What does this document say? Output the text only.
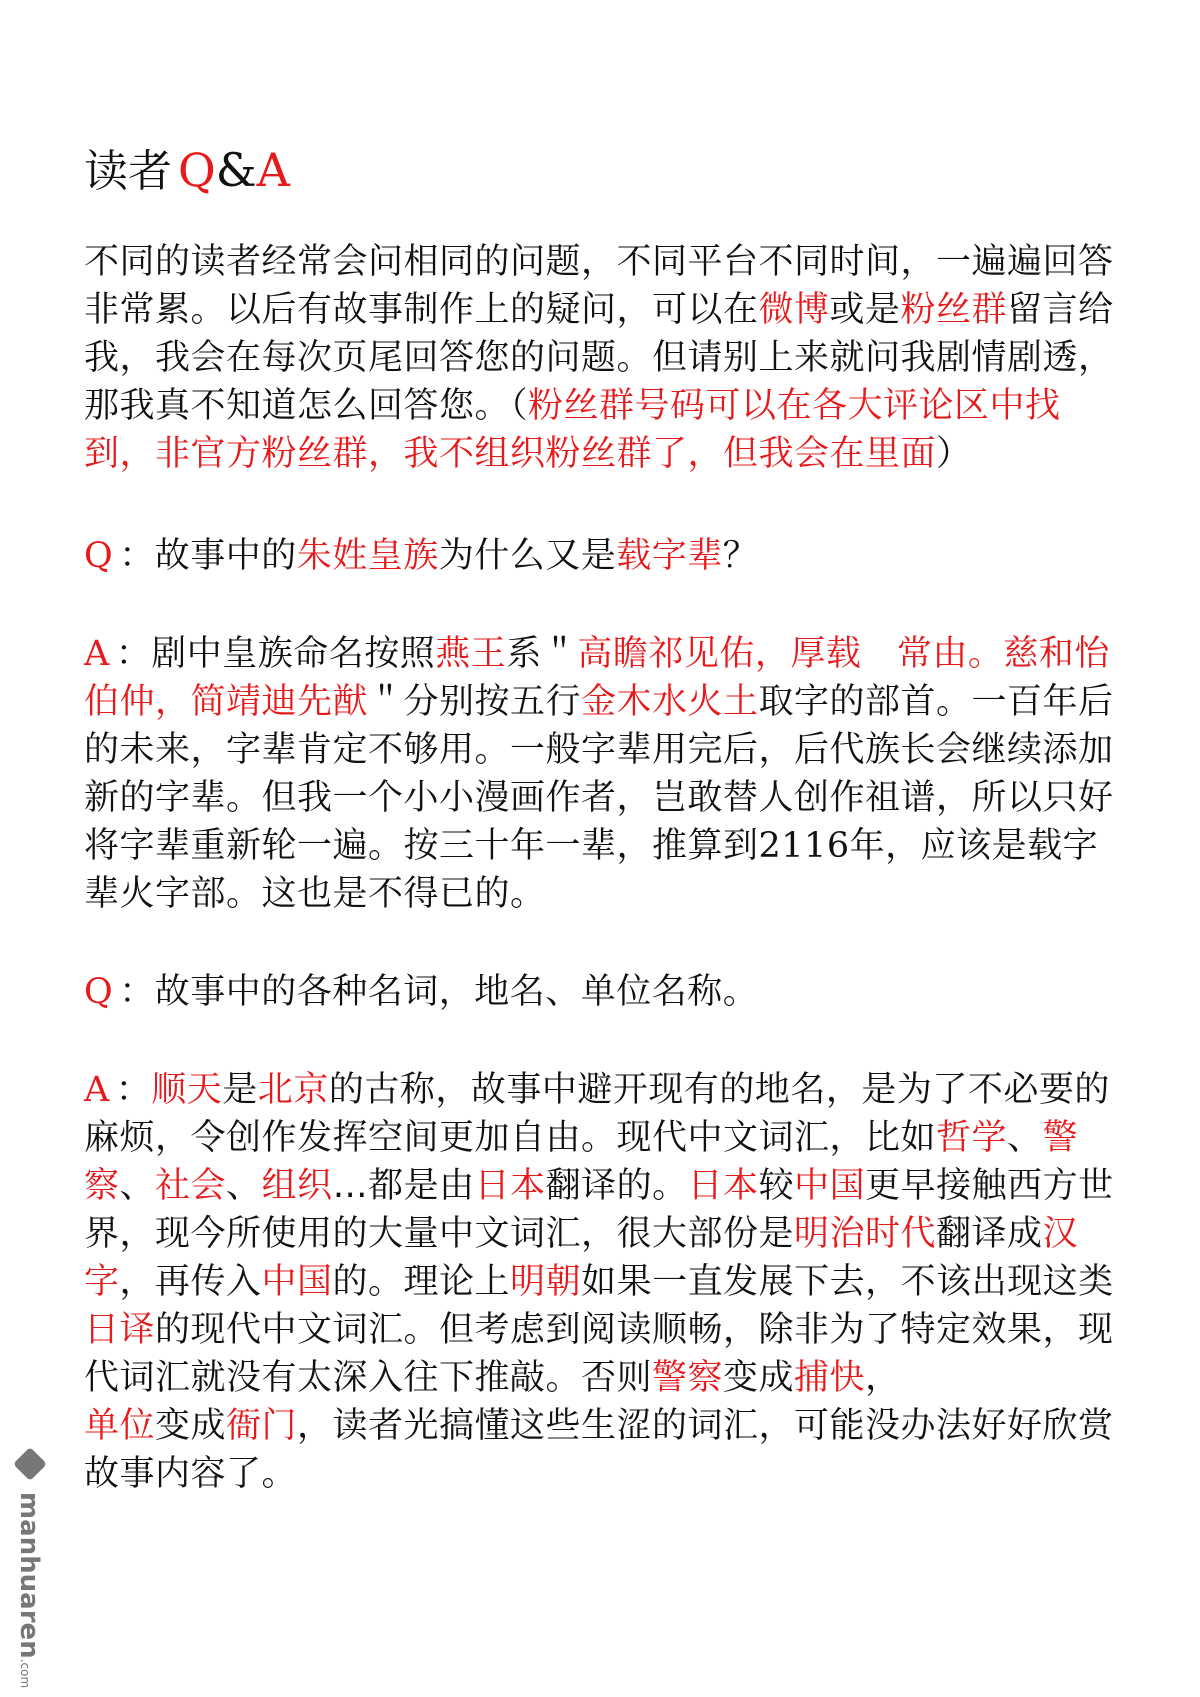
读者 Q&A
不同的读者经常会问相同的问题，不同平台不同时间，一遍遍回答非常累。以后有故事制作上的疑问，可以在微博或是粉丝群留言给我，我会在每次页尾回答您的问题。但请别上来就问我剧情剧透，那我真不知道怎么回答您。（粉丝群号码可以在各大评论区中找到，非官方粉丝群，我不组织粉丝群了，但我会在里面）
Q ：故事中的朱姓皇族为什么又是载字辈？
A ：剧中皇族命名按照燕王系＂高瞻祁见佑，厚载　常由。慈和怡伯仲，简靖迪先猷＂分别按五行金木水火土取字的部首。一百年后的未来，字辈肯定不够用。一般字辈用完后，后代族长会继续添加新的字辈。但我一个小小漫画作者，岂敢替人创作祖谱，所以只好将字辈重新轮一遍。按三十年一辈，推算到2116年，应该是载字辈火字部。这也是不得已的。
Q ：故事中的各种名词，地名、单位名称。
A ：顺天是北京的古称，故事中避开现有的地名，是为了不必要的麻烦，令创作发挥空间更加自由。现代中文词汇，比如哲学、警察、社会、组织…都是由日本翻译的。日本较中国更早接触西方世界，现今所使用的大量中文词汇，很大部份是明治时代翻译成汉字，再传入中国的。理论上明朝如果一直发展下去，不该出现这类日译的现代中文词汇。但考虑到阅读顺畅，除非为了特定效果，现代词汇就没有太深入往下推敲。否则警察变成捕快，
单位变成衙门，读者光搞懂这些生涩的词汇，可能没办法好好欣赏故事内容了。
manhuaren.com
